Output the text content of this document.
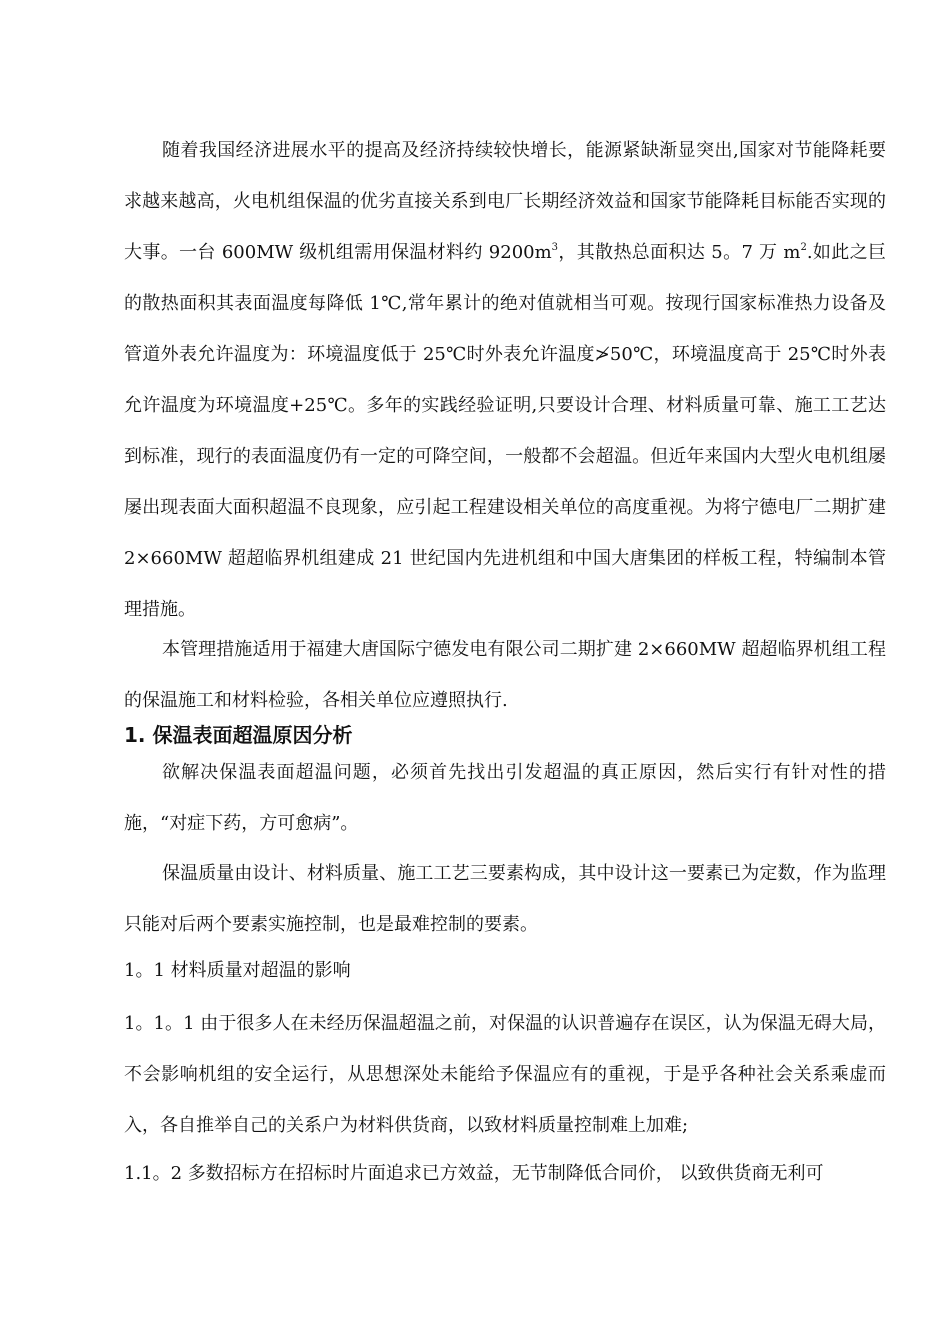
随着我国经济进展水平的提高及经济持续较快增长，能源紧缺渐显突出,国家对节能降耗要求越来越高，火电机组保温的优劣直接关系到电厂长期经济效益和国家节能降耗目标能否实现的大事。一台 600MW 级机组需用保温材料约 $9200m^3$，其散热总面积达 5。7 万 $m^2$.如此之巨的散热面积其表面温度每降低 1℃,常年累计的绝对值就相当可观。按现行国家标准热力设备及管道外表允许温度为：环境温度低于 25℃时外表允许温度≯50℃，环境温度高于 25℃时外表允许温度为环境温度+25℃。多年的实践经验证明,只要设计合理、材料质量可靠、施工工艺达到标准，现行的表面温度仍有一定的可降空间，一般都不会超温。但近年来国内大型火电机组屡屡出现表面大面积超温不良现象，应引起工程建设相关单位的高度重视。为将宁德电厂二期扩建 2×660MW 超超临界机组建成 21 世纪国内先进机组和中国大唐集团的样板工程，特编制本管理措施。

本管理措施适用于福建大唐国际宁德发电有限公司二期扩建 2×660MW 超超临界机组工程的保温施工和材料检验，各相关单位应遵照执行.

1. 保温表面超温原因分析

欲解决保温表面超温问题，必须首先找出引发超温的真正原因，然后实行有针对性的措施，“对症下药，方可愈病”。

保温质量由设计、材料质量、施工工艺三要素构成，其中设计这一要素已为定数，作为监理只能对后两个要素实施控制，也是最难控制的要素。

1。1 材料质量对超温的影响

1。1。1 由于很多人在未经历保温超温之前，对保温的认识普遍存在误区，认为保温无碍大局，不会影响机组的安全运行，从思想深处未能给予保温应有的重视，于是乎各种社会关系乘虚而入，各自推举自己的关系户为材料供货商，以致材料质量控制难上加难;

1.1。2 多数招标方在招标时片面追求已方效益，无节制降低合同价， 以致供货商无利可
